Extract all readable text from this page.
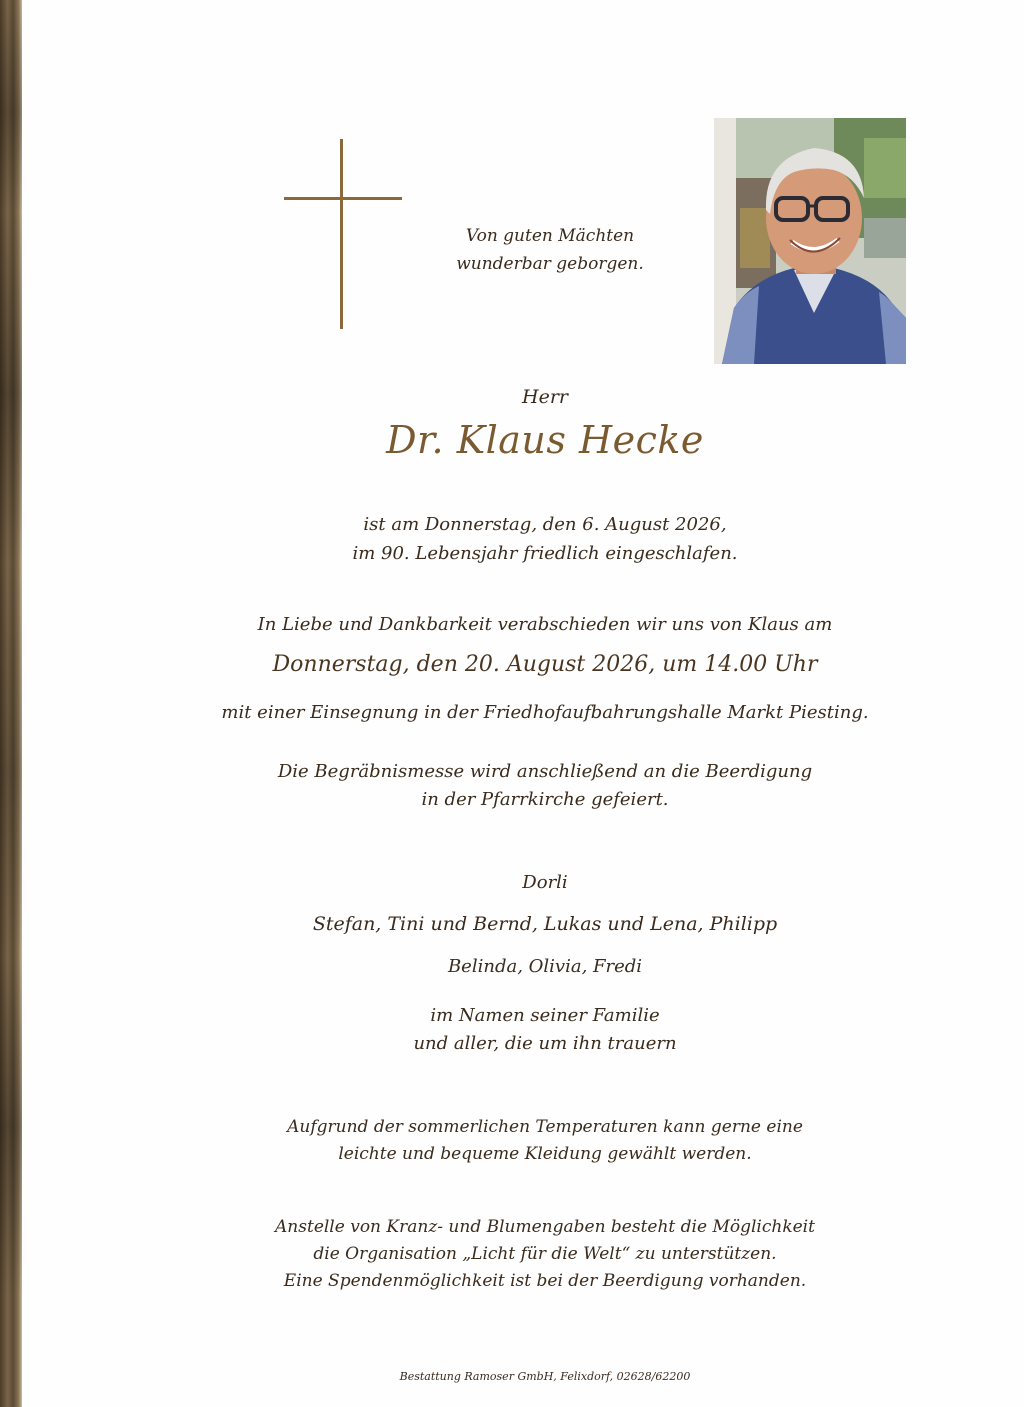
Von guten Mächten
wunderbar geborgen.
Herr
Dr. Klaus Hecke
ist am Donnerstag, den 6. August 2026,
im 90. Lebensjahr friedlich eingeschlafen.
In Liebe und Dankbarkeit verabschieden wir uns von Klaus am
Donnerstag, den 20. August 2026, um 14.00 Uhr
mit einer Einsegnung in der Friedhofaufbahrungshalle Markt Piesting.
Die Begräbnismesse wird anschließend an die Beerdigung
in der Pfarrkirche gefeiert.
Dorli
Stefan, Tini und Bernd, Lukas und Lena, Philipp
Belinda, Olivia, Fredi
im Namen seiner Familie
und aller, die um ihn trauern
Aufgrund der sommerlichen Temperaturen kann gerne eine
leichte und bequeme Kleidung gewählt werden.
Anstelle von Kranz- und Blumengaben besteht die Möglichkeit
die Organisation „Licht für die Welt“ zu unterstützen.
Eine Spendenmöglichkeit ist bei der Beerdigung vorhanden.
Bestattung Ramoser GmbH, Felixdorf, 02628/62200
